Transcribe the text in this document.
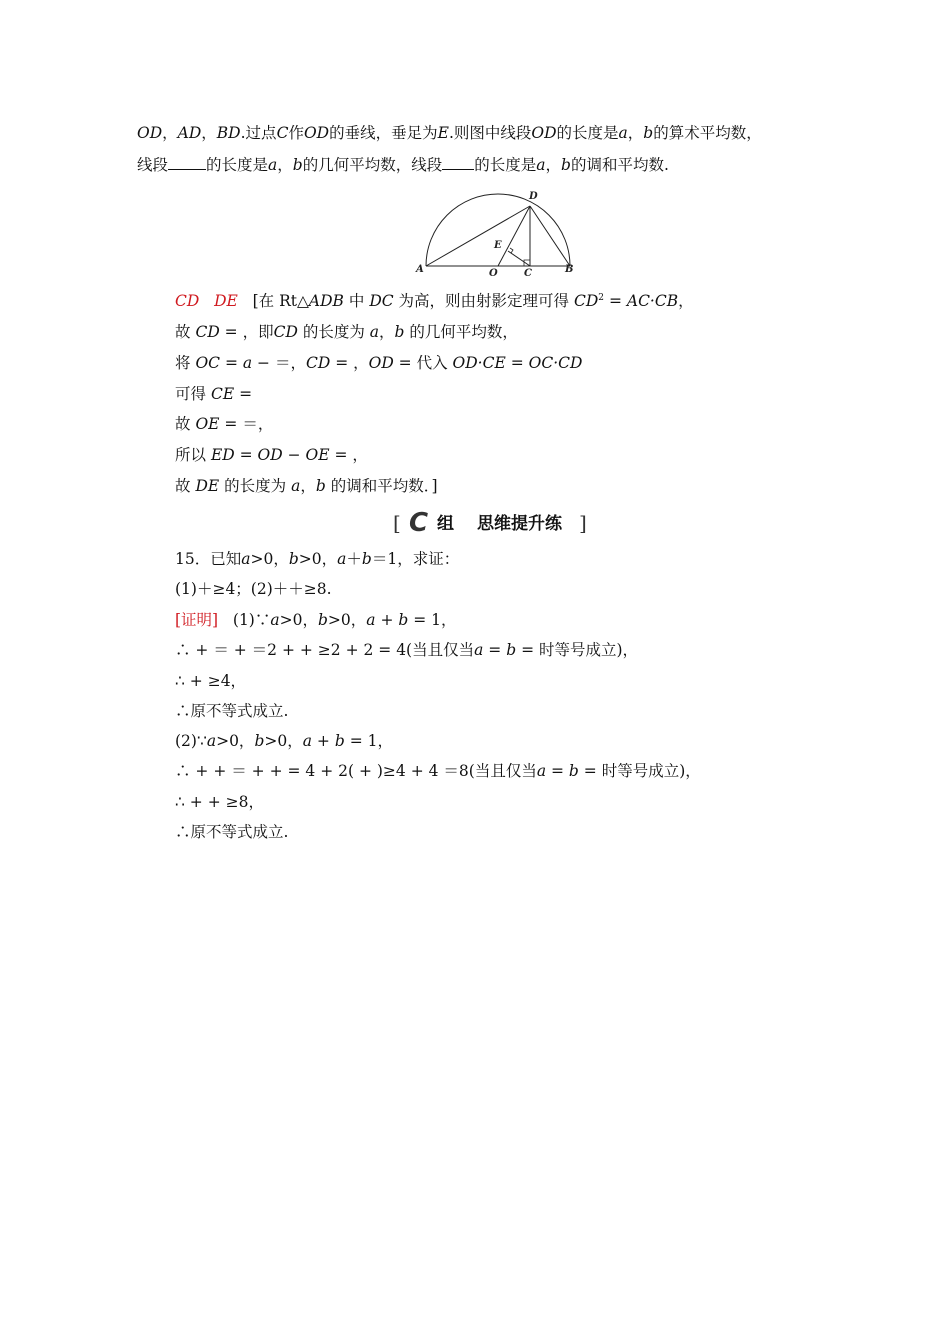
OD，AD，BD.过点C作OD的垂线，垂足为E.则图中线段OD的长度是a，b的算术平均数，
线段 的长度是a，b的几何平均数，线段 的长度是a，b的调和平均数.
A	O	C	B
D
E
CD DE [在 Rt△ADB 中 DC 为高，则由射影定理可得 $CD^2 = AC\cdot CB$，
故 CD = ，即CD 的长度为 a，b 的几何平均数，
将 OC = a − ＝，CD = ，OD = 代入 OD·CE = OC·CD
可得 CE =
故 OE = ＝，
所以 ED = OD − OE = ，
故 DE 的长度为 a，b 的调和平均数．]
[ C 组 思维提升练 ]
15．已知a>0，b>0，a＋b＝1，求证：
(1)＋≥4；(2)＋＋≥8.
[证明] (1)∵a>0，b>0，a + b = 1，
∴ + ＝ + ＝2 + + ≥2 + 2 = 4(当且仅当a = b = 时等号成立)，
∴ + ≥4，
∴原不等式成立.
(2)∵a>0，b>0，a + b = 1，
∴ + + ＝ + + = 4 + 2( + )≥4 + 4 ＝8(当且仅当a = b = 时等号成立)，
∴ + + ≥8，
∴原不等式成立.
